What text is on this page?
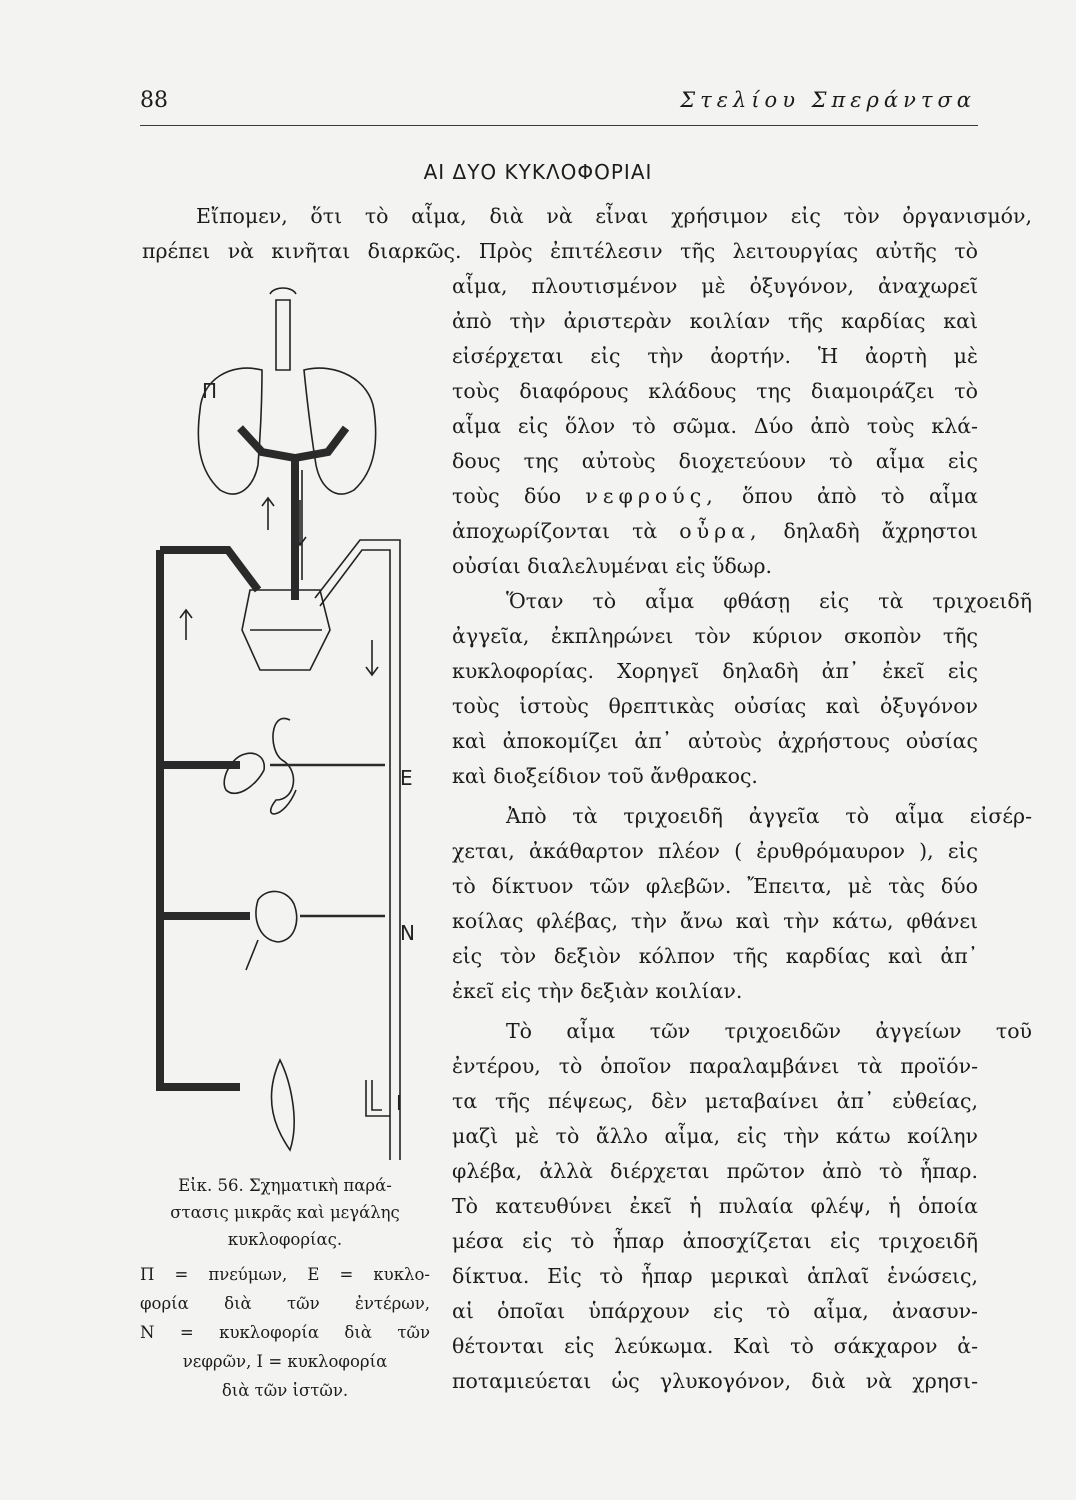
88	Στελίου Σπεράντσα
ΑΙ ΔΥΟ ΚΥΚΛΟΦΟΡΙΑΙ
Εἴπομεν, ὅτι τὸ αἷμα, διὰ νὰ εἶναι χρήσιμον εἰς τὸν ὀργανισμόν,
πρέπει νὰ κινῆται διαρκῶς. Πρὸς ἐπιτέλεσιν τῆς λειτουργίας αὐτῆς τὸ
αἷμα, πλουτισμένον μὲ ὀξυγόνον, ἀναχωρεῖ
ἀπὸ τὴν ἀριστερὰν κοιλίαν τῆς καρδίας καὶ
εἰσέρχεται εἰς τὴν ἀορτήν. Ἡ ἀορτὴ μὲ
τοὺς διαφόρους κλάδους της διαμοιράζει τὸ
αἷμα εἰς ὅλον τὸ σῶμα. Δύο ἀπὸ τοὺς κλά-
δους της αὐτοὺς διοχετεύουν τὸ αἷμα εἰς
τοὺς δύο νεφρούς, ὅπου ἀπὸ τὸ αἷμα
ἀποχωρίζονται τὰ οὖρα, δηλαδὴ ἄχρηστοι
οὐσίαι διαλελυμέναι εἰς ὕδωρ.
Ὅταν τὸ αἷμα φθάσῃ εἰς τὰ τριχοειδῆ
ἀγγεῖα, ἐκπληρώνει τὸν κύριον σκοπὸν τῆς
κυκλοφορίας. Χορηγεῖ δηλαδὴ ἀπ᾽ ἐκεῖ εἰς
τοὺς ἱστοὺς θρεπτικὰς οὐσίας καὶ ὀξυγόνον
καὶ ἀποκομίζει ἀπ᾽ αὐτοὺς ἀχρήστους οὐσίας
καὶ διοξείδιον τοῦ ἄνθρακος.
Ἀπὸ τὰ τριχοειδῆ ἀγγεῖα τὸ αἷμα εἰσέρ-
χεται, ἀκάθαρτον πλέον ( ἐρυθρόμαυρον ), εἰς
τὸ δίκτυον τῶν φλεβῶν. Ἔπειτα, μὲ τὰς δύο
κοίλας φλέβας, τὴν ἄνω καὶ τὴν κάτω, φθάνει
εἰς τὸν δεξιὸν κόλπον τῆς καρδίας καὶ ἀπ᾽
ἐκεῖ εἰς τὴν δεξιὰν κοιλίαν.
Τὸ αἷμα τῶν τριχοειδῶν ἀγγείων τοῦ
ἐντέρου, τὸ ὁποῖον παραλαμβάνει τὰ προϊόν-
τα τῆς πέψεως, δὲν μεταβαίνει ἀπ᾽ εὐθείας,
μαζὶ μὲ τὸ ἄλλο αἷμα, εἰς τὴν κάτω κοίλην
φλέβα, ἀλλὰ διέρχεται πρῶτον ἀπὸ τὸ ἧπαρ.
Τὸ κατευθύνει ἐκεῖ ἡ πυλαία φλέψ, ἡ ὁποία
μέσα εἰς τὸ ἧπαρ ἀποσχίζεται εἰς τριχοειδῆ
δίκτυα. Εἰς τὸ ἧπαρ μερικαὶ ἁπλαῖ ἑνώσεις,
αἱ ὁποῖαι ὑπάρχουν εἰς τὸ αἷμα, ἀνασυν-
θέτονται εἰς λεύκωμα. Καὶ τὸ σάκχαρον ἀ-
ποταμιεύεται ὡς γλυκογόνον, διὰ νὰ χρησι-
Π
Ε
Ν
Ι
Εἰκ. 56. Σχηματικὴ παρά-
στασις μικρᾶς καὶ μεγάλης
κυκλοφορίας.
Π = πνεύμων, Ε = κυκλο-
φορία διὰ τῶν ἐντέρων,
Ν = κυκλοφορία διὰ τῶν
νεφρῶν, Ι = κυκλοφορία
διὰ τῶν ἱστῶν.
